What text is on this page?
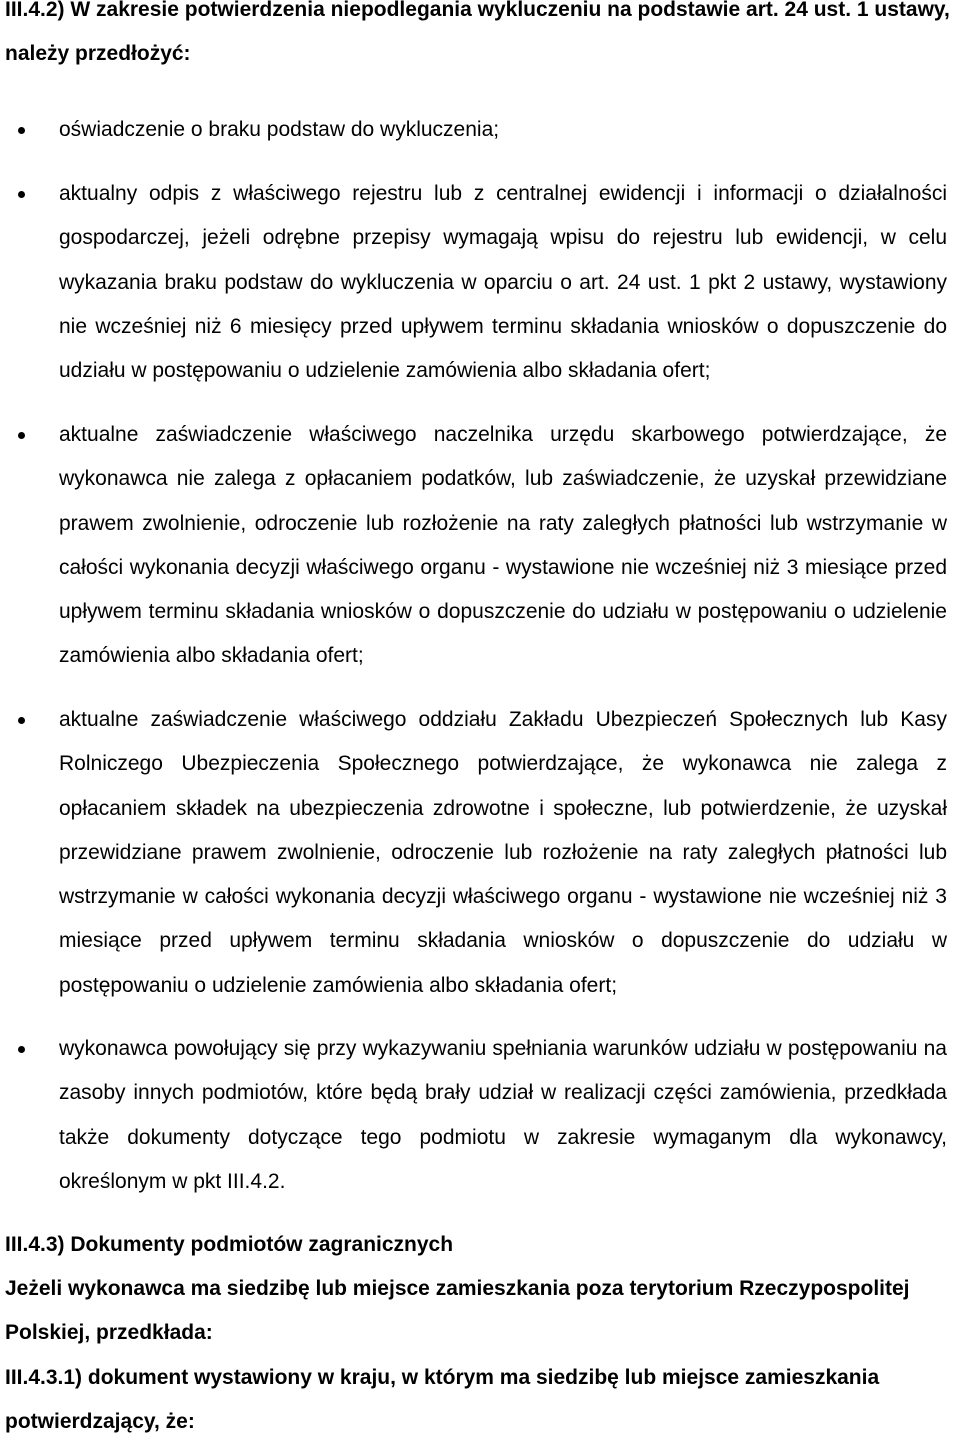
III.4.2) W zakresie potwierdzenia niepodlegania wykluczeniu na podstawie art. 24 ust. 1 ustawy, należy przedłożyć:
oświadczenie o braku podstaw do wykluczenia;
aktualny odpis z właściwego rejestru lub z centralnej ewidencji i informacji o działalności gospodarczej, jeżeli odrębne przepisy wymagają wpisu do rejestru lub ewidencji, w celu wykazania braku podstaw do wykluczenia w oparciu o art. 24 ust. 1 pkt 2 ustawy, wystawiony nie wcześniej niż 6 miesięcy przed upływem terminu składania wniosków o dopuszczenie do udziału w postępowaniu o udzielenie zamówienia albo składania ofert;
aktualne zaświadczenie właściwego naczelnika urzędu skarbowego potwierdzające, że wykonawca nie zalega z opłacaniem podatków, lub zaświadczenie, że uzyskał przewidziane prawem zwolnienie, odroczenie lub rozłożenie na raty zaległych płatności lub wstrzymanie w całości wykonania decyzji właściwego organu - wystawione nie wcześniej niż 3 miesiące przed upływem terminu składania wniosków o dopuszczenie do udziału w postępowaniu o udzielenie zamówienia albo składania ofert;
aktualne zaświadczenie właściwego oddziału Zakładu Ubezpieczeń Społecznych lub Kasy Rolniczego Ubezpieczenia Społecznego potwierdzające, że wykonawca nie zalega z opłacaniem składek na ubezpieczenia zdrowotne i społeczne, lub potwierdzenie, że uzyskał przewidziane prawem zwolnienie, odroczenie lub rozłożenie na raty zaległych płatności lub wstrzymanie w całości wykonania decyzji właściwego organu - wystawione nie wcześniej niż 3 miesiące przed upływem terminu składania wniosków o dopuszczenie do udziału w postępowaniu o udzielenie zamówienia albo składania ofert;
wykonawca powołujący się przy wykazywaniu spełniania warunków udziału w postępowaniu na zasoby innych podmiotów, które będą brały udział w realizacji części zamówienia, przedkłada także dokumenty dotyczące tego podmiotu w zakresie wymaganym dla wykonawcy, określonym w pkt III.4.2.
III.4.3) Dokumenty podmiotów zagranicznych
Jeżeli wykonawca ma siedzibę lub miejsce zamieszkania poza terytorium Rzeczypospolitej Polskiej, przedkłada:
III.4.3.1) dokument wystawiony w kraju, w którym ma siedzibę lub miejsce zamieszkania potwierdzający, że:
